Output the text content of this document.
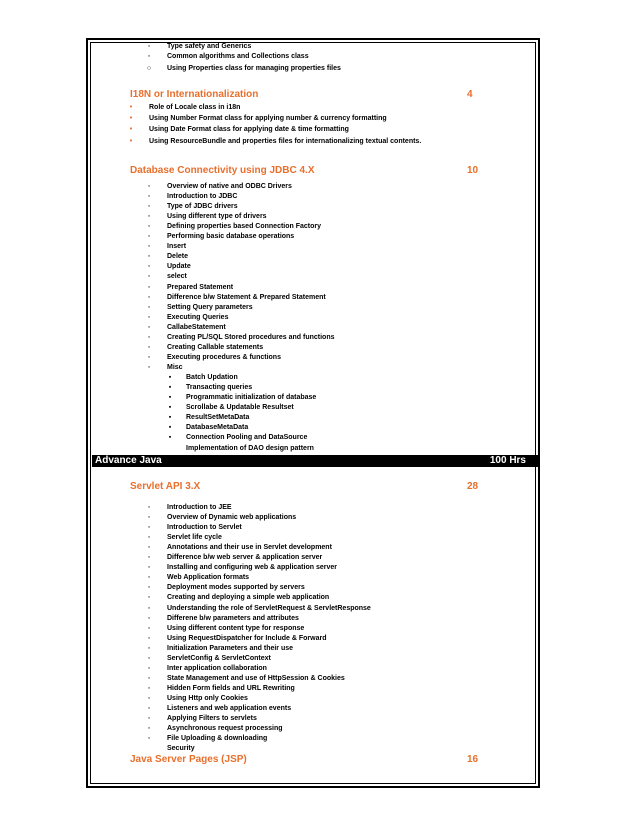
◦	Type safety and Generics
◦	Common algorithms and Collections class
○ Using Properties class for managing properties files
I18N or Internationalization	4
•	Role of Locale class in i18n
•	Using Number Format class for applying number & currency formatting
•	Using Date Format class for applying date & time formatting
•	Using ResourceBundle and properties files for internationalizing textual contents.
Database Connectivity using JDBC 4.X	10
◦	Overview of native and ODBC Drivers
◦	Introduction to JDBC
◦	Type of JDBC drivers
◦	Using different type of drivers
◦	Defining properties based Connection Factory
◦	Performing basic database operations
◦	Insert
◦	Delete
◦	Update
◦	select
◦	Prepared Statement
◦	Difference b/w Statement & Prepared Statement
◦	Setting Query parameters
◦	Executing Queries
◦	CallabeStatement
◦	Creating PL/SQL Stored procedures and functions
◦	Creating Callable statements
◦	Executing procedures & functions
◦	Misc
▪	Batch Updation
▪	Transacting queries
▪	Programmatic initialization of database
▪	Scrollabe & Updatable Resultset
▪	ResultSetMetaData
▪	DatabaseMetaData
▪	Connection Pooling and DataSource
Implementation of DAO design pattern
Advance Java	100 Hrs
Servlet API 3.X	28
◦	Introduction to JEE
◦	Overview of Dynamic web applications
◦	Introduction to Servlet
◦	Servlet life cycle
◦	Annotations and their use in Servlet development
◦	Difference b/w web server & application server
◦	Installing and configuring web & application server
◦	Web Application formats
◦	Deployment modes supported by servers
◦	Creating and deploying a simple web application
◦	Understanding the role of ServletRequest & ServletResponse
◦	Differene b/w parameters and attributes
◦	Using different content type for response
◦	Using RequestDispatcher for Include & Forward
◦	Initialization Parameters and their use
◦	ServletConfig & ServletContext
◦	Inter application collaboration
◦	State Management and use of HttpSession & Cookies
◦	Hidden Form fields and URL Rewriting
◦	Using Http only Cookies
◦	Listeners and web application events
◦	Applying Filters to servlets
◦	Asynchronous request processing
◦	File Uploading & downloading
Security
Java Server Pages (JSP)	16
